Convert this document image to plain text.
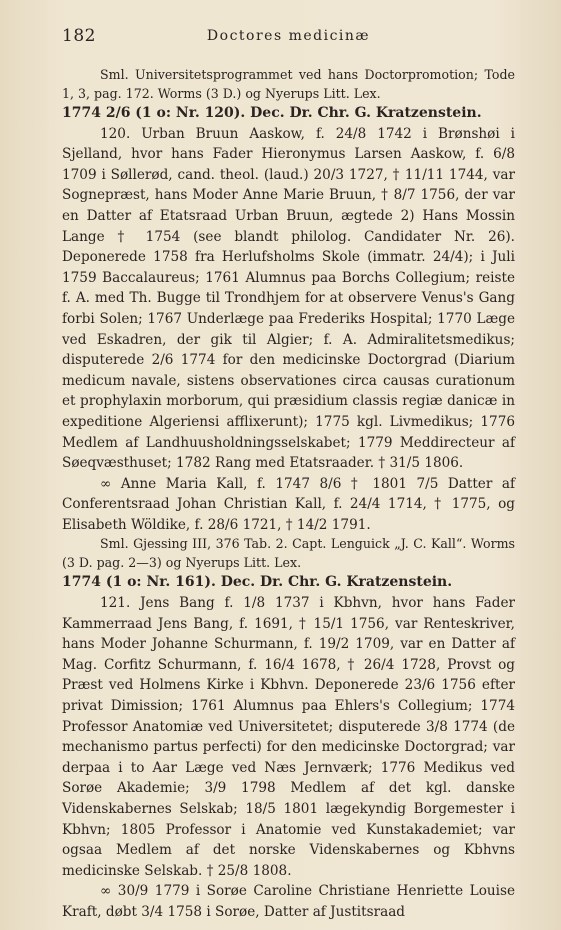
182	Doctores medicinæ

Sml. Universitetsprogrammet ved hans Doctorpromotion; Tode 1, 3, pag. 172. Worms (3 D.) og Nyerups Litt. Lex.

1774 2/6 (1 o: Nr. 120). Dec. Dr. Chr. G. Kratzenstein.

120. Urban Bruun Aaskow, f. 24/8 1742 i Brønshøi i Sjelland, hvor hans Fader Hieronymus Larsen Aaskow, f. 6/8 1709 i Søllerød, cand. theol. (laud.) 20/3 1727, † 11/11 1744, var Sognepræst, hans Moder Anne Marie Bruun, † 8/7 1756, der var en Datter af Etatsraad Urban Bruun, ægtede 2) Hans Mossin Lange † 1754 (see blandt philolog. Candidater Nr. 26). Deponerede 1758 fra Herlufsholms Skole (immatr. 24/4); i Juli 1759 Baccalaureus; 1761 Alumnus paa Borchs Collegium; reiste f. A. med Th. Bugge til Trondhjem for at observere Venus's Gang forbi Solen; 1767 Underlæge paa Frederiks Hospital; 1770 Læge ved Eskadren, der gik til Algier; f. A. Admiralitetsmedikus; disputerede 2/6 1774 for den medicinske Doctorgrad (Diarium medicum navale, sistens observationes circa causas curationum et prophylaxin morborum, qui præsidium classis regiæ danicæ in expeditione Algeriensi afflixerunt); 1775 kgl. Livmedikus; 1776 Medlem af Landhuusholdningsselskabet; 1779 Meddirecteur af Søeqvæsthuset; 1782 Rang med Etatsraader. † 31/5 1806.

∞ Anne Maria Kall, f. 1747 8/6 † 1801 7/5 Datter af Conferentsraad Johan Christian Kall, f. 24/4 1714, † 1775, og Elisabeth Wöldike, f. 28/6 1721, † 14/2 1791.

Sml. Gjessing III, 376 Tab. 2. Capt. Lenguick „J. C. Kall“. Worms (3 D. pag. 2—3) og Nyerups Litt. Lex.

1774 (1 o: Nr. 161). Dec. Dr. Chr. G. Kratzenstein.

121. Jens Bang f. 1/8 1737 i Kbhvn, hvor hans Fader Kammerraad Jens Bang, f. 1691, † 15/1 1756, var Renteskriver, hans Moder Johanne Schurmann, f. 19/2 1709, var en Datter af Mag. Corfitz Schurmann, f. 16/4 1678, † 26/4 1728, Provst og Præst ved Holmens Kirke i Kbhvn. Deponerede 23/6 1756 efter privat Dimission; 1761 Alumnus paa Ehlers's Collegium; 1774 Professor Anatomiæ ved Universitetet; disputerede 3/8 1774 (de mechanismo partus perfecti) for den medicinske Doctorgrad; var derpaa i to Aar Læge ved Næs Jernværk; 1776 Medikus ved Sorøe Akademie; 3/9 1798 Medlem af det kgl. danske Videnskabernes Selskab; 18/5 1801 lægekyndig Borgemester i Kbhvn; 1805 Professor i Anatomie ved Kunstakademiet; var ogsaa Medlem af det norske Videnskabernes og Kbhvns medicinske Selskab. † 25/8 1808.

∞ 30/9 1779 i Sorøe Caroline Christiane Henriette Louise Kraft, døbt 3/4 1758 i Sorøe, Datter af Justitsraad
